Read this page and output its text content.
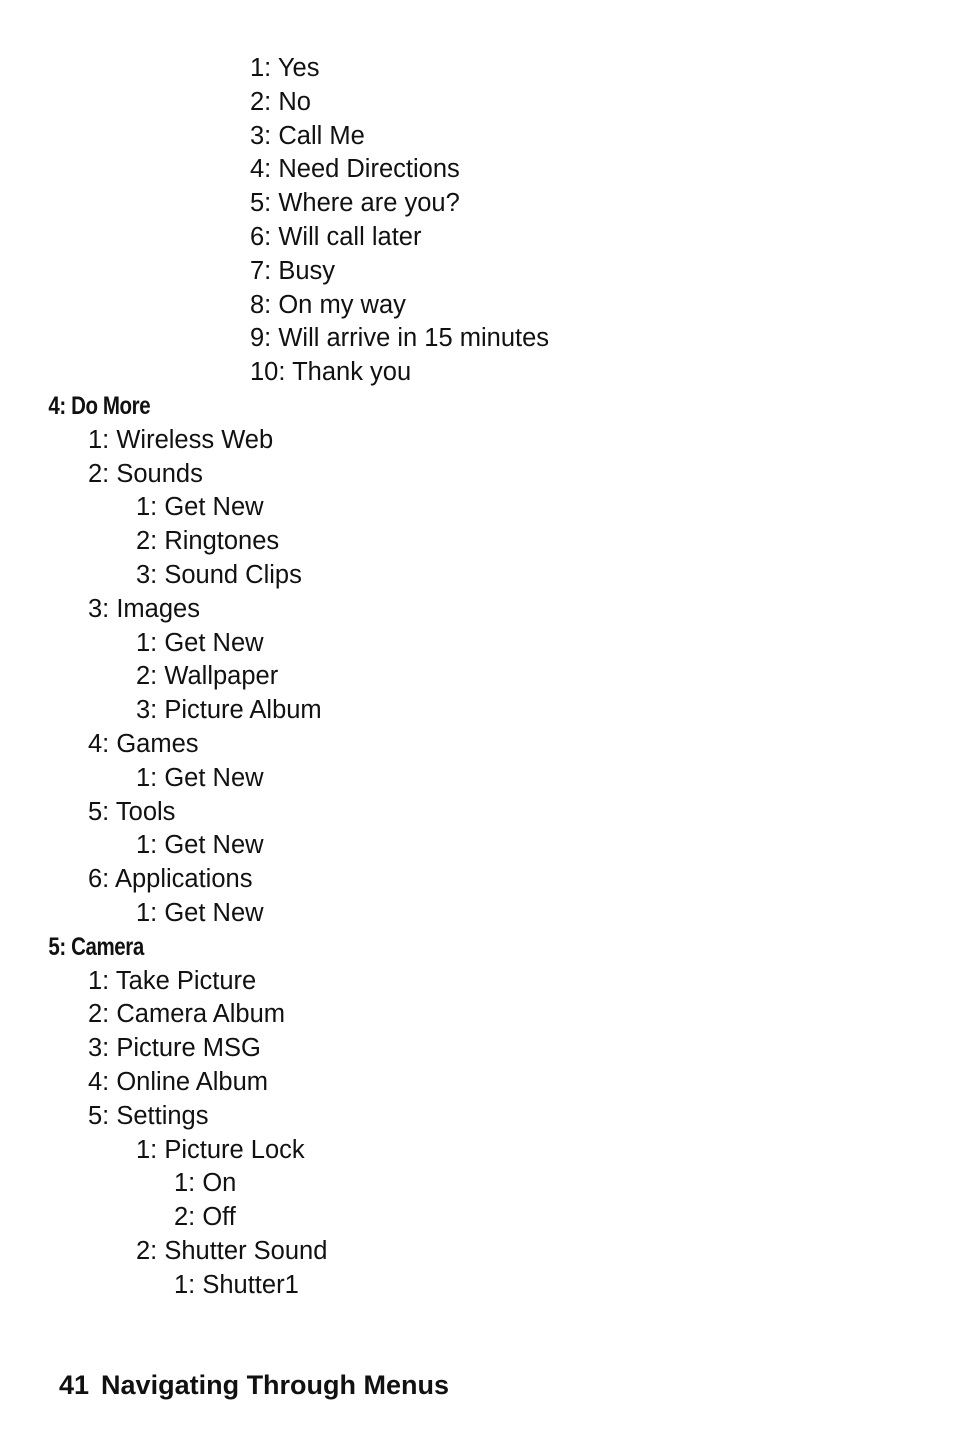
1: Yes
2: No
3: Call Me
4: Need Directions
5: Where are you?
6: Will call later
7: Busy
8: On my way
9: Will arrive in 15 minutes
10: Thank you
4: Do More
1: Wireless Web
2: Sounds
1: Get New
2: Ringtones
3: Sound Clips
3: Images
1: Get New
2: Wallpaper
3: Picture Album
4: Games
1: Get New
5: Tools
1: Get New
6: Applications
1: Get New
5: Camera
1: Take Picture
2: Camera Album
3: Picture MSG
4: Online Album
5: Settings
1: Picture Lock
1: On
2: Off
2: Shutter Sound
1: Shutter1
41 Navigating Through Menus
